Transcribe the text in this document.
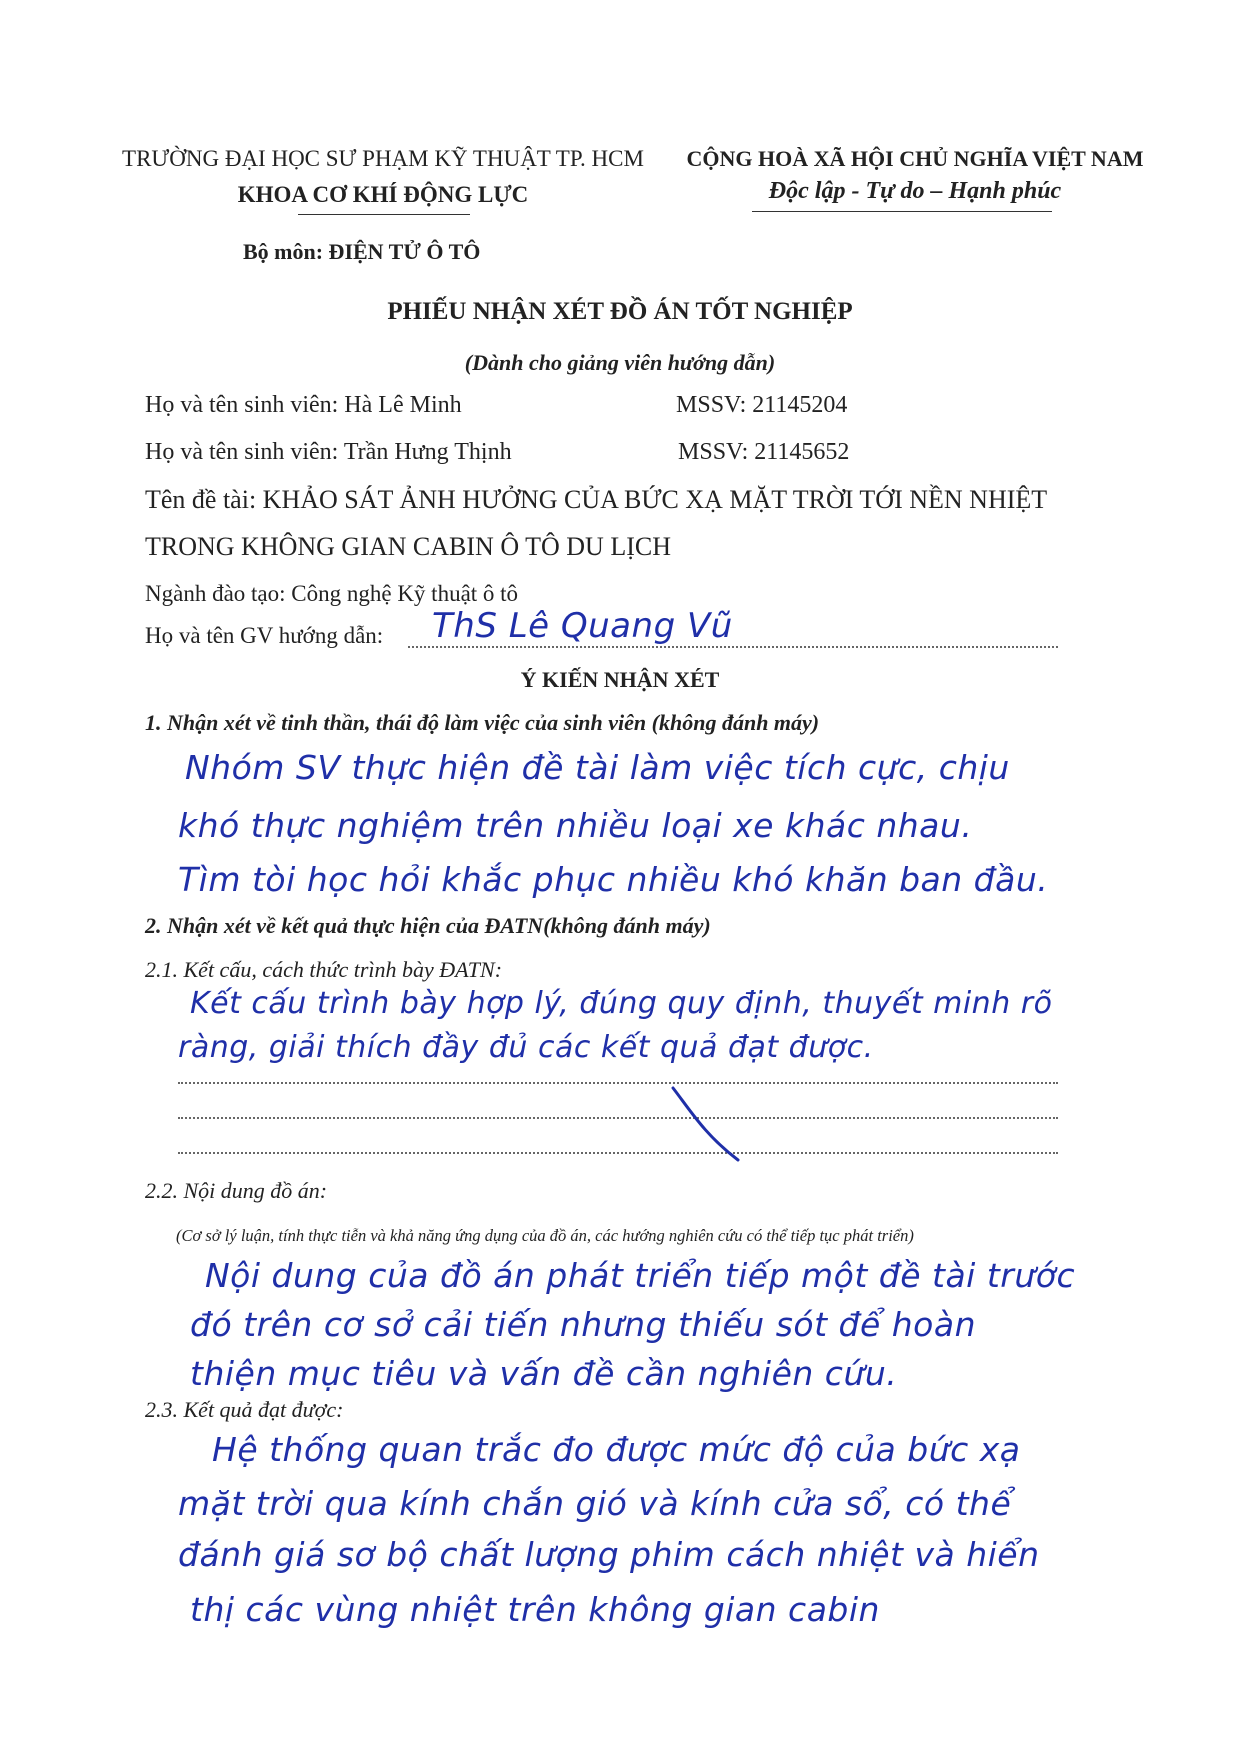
TRƯỜNG ĐẠI HỌC SƯ PHẠM KỸ THUẬT TP. HCM
KHOA CƠ KHÍ ĐỘNG LỰC
Bộ môn: ĐIỆN TỬ Ô TÔ
CỘNG HOÀ XÃ HỘI CHỦ NGHĨA VIỆT NAM
Độc lập - Tự do – Hạnh phúc
PHIẾU NHẬN XÉT ĐỒ ÁN TỐT NGHIỆP
(Dành cho giảng viên hướng dẫn)
Họ và tên sinh viên: Hà Lê Minh	MSSV: 21145204
Họ và tên sinh viên: Trần Hưng Thịnh	MSSV: 21145652
Tên đề tài: KHẢO SÁT ẢNH HƯỞNG CỦA BỨC XẠ MẶT TRỜI TỚI NỀN NHIỆT
TRONG KHÔNG GIAN CABIN Ô TÔ DU LỊCH
Ngành đào tạo: Công nghệ Kỹ thuật ô tô
Họ và tên GV hướng dẫn: ThS Lê Quang Vũ
Ý KIẾN NHẬN XÉT
1. Nhận xét về tinh thần, thái độ làm việc của sinh viên (không đánh máy)
Nhóm SV thực hiện đề tài làm việc tích cực, chịu
khó thực nghiệm trên nhiều loại xe khác nhau.
Tìm tòi học hỏi khắc phục nhiều khó khăn ban đầu.
2. Nhận xét về kết quả thực hiện của ĐATN(không đánh máy)
2.1. Kết cấu, cách thức trình bày ĐATN:
Kết cấu trình bày hợp lý, đúng quy định, thuyết minh rõ
ràng, giải thích đầy đủ các kết quả đạt được.
2.2. Nội dung đồ án:
(Cơ sở lý luận, tính thực tiễn và khả năng ứng dụng của đồ án, các hướng nghiên cứu có thể tiếp tục phát triển)
Nội dung của đồ án phát triển tiếp một đề tài trước
đó trên cơ sở cải tiến nhưng thiếu sót để hoàn
thiện mục tiêu và vấn đề cần nghiên cứu.
2.3. Kết quả đạt được:
Hệ thống quan trắc đo được mức độ của bức xạ
mặt trời qua kính chắn gió và kính cửa sổ, có thể
đánh giá sơ bộ chất lượng phim cách nhiệt và hiển
thị các vùng nhiệt trên không gian cabin
